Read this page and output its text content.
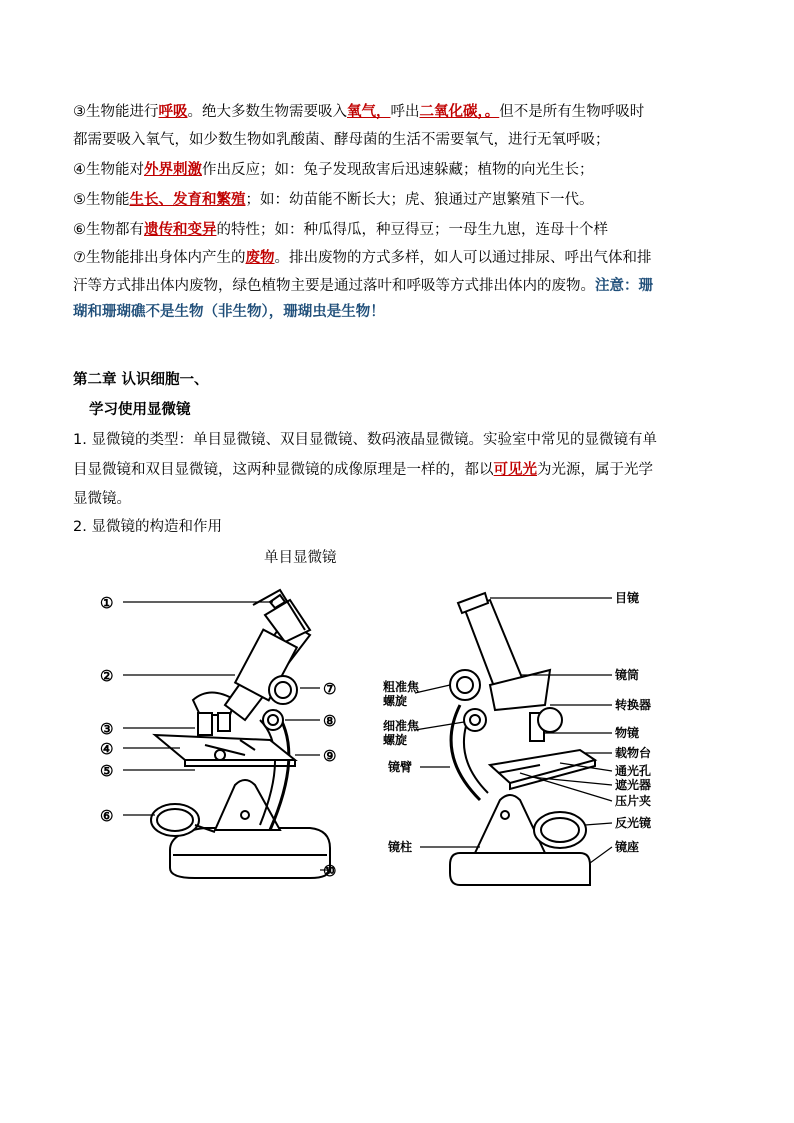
③生物能进行呼吸。绝大多数生物需要吸入氧气，呼出二氧化碳，。但不是所有生物呼吸时
都需要吸入氧气，如少数生物如乳酸菌、酵母菌的生活不需要氧气，进行无氧呼吸；
④生物能对外界刺激作出反应；如：兔子发现敌害后迅速躲藏；植物的向光生长；
⑤生物能生长、发育和繁殖；如：幼苗能不断长大；虎、狼通过产崽繁殖下一代。
⑥生物都有遗传和变异的特性；如：种瓜得瓜，种豆得豆；一母生九崽，连母十个样
⑦生物能排出身体内产生的废物。排出废物的方式多样，如人可以通过排尿、呼出气体和排
汗等方式排出体内废物，绿色植物主要是通过落叶和呼吸等方式排出体内的废物。注意：珊
瑚和珊瑚礁不是生物（非生物），珊瑚虫是生物！
第二章 认识细胞一、
学习使用显微镜
1. 显微镜的类型：单目显微镜、双目显微镜、数码液晶显微镜。实验室中常见的显微镜有单
目显微镜和双目显微镜，这两种显微镜的成像原理是一样的，都以可见光为光源，属于光学
显微镜。
2. 显微镜的构造和作用
单目显微镜
①
②
③
④
⑤
⑥
⑦
⑧
⑨
⑩
目镜
镜筒
转换器
物镜
载物台
通光孔
遮光器
压片夹
反光镜
镜座
粗准焦
螺旋
细准焦
螺旋
镜臂
镜柱
